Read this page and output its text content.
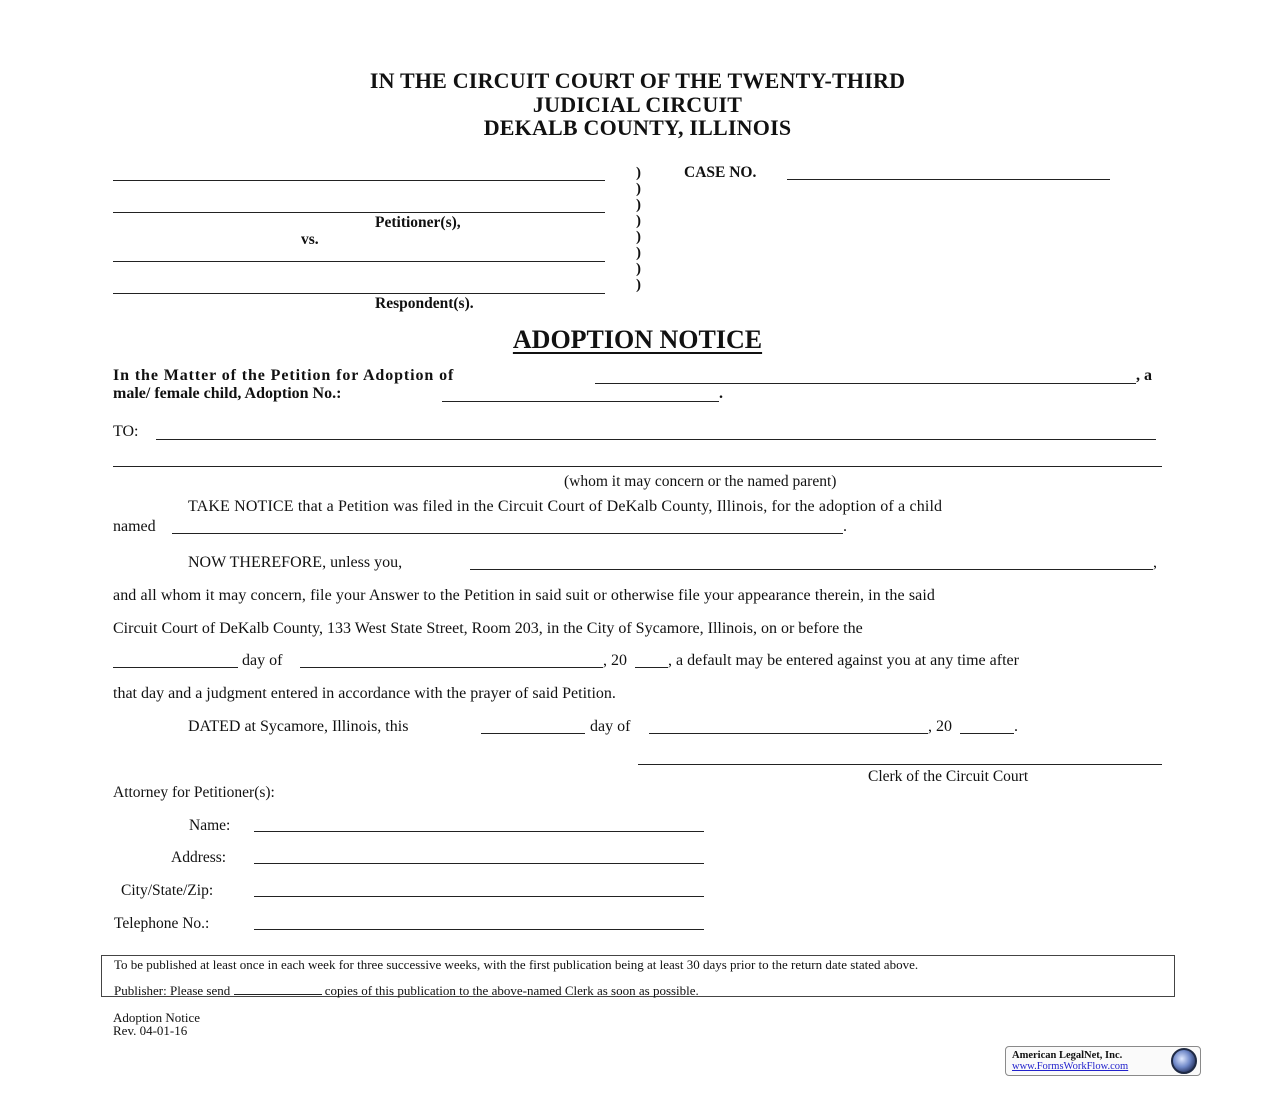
IN THE CIRCUIT COURT OF THE TWENTY-THIRD
JUDICIAL CIRCUIT
DEKALB COUNTY, ILLINOIS
Petitioner(s),
vs.
Respondent(s).
)
)
)
)
)
)
)
)
CASE NO.
ADOPTION NOTICE
In the Matter of the Petition for Adoption of	, a
male/ female child, Adoption No.:	.
TO:
(whom it may concern or the named parent)
TAKE NOTICE that a Petition was filed in the Circuit Court of DeKalb County, Illinois, for the adoption of a child
named	.
NOW THEREFORE, unless you,	,
and all whom it may concern, file your Answer to the Petition in said suit or otherwise file your appearance therein, in the said
Circuit Court of DeKalb County, 133 West State Street, Room 203, in the City of Sycamore, Illinois, on or before the
day of	, 20	, a default may be entered against you at any time after
that day and a judgment entered in accordance with the prayer of said Petition.
DATED at Sycamore, Illinois, this	day of	, 20	.
Clerk of the Circuit Court
Attorney for Petitioner(s):
Name:
Address:
City/State/Zip:
Telephone No.:
To be published at least once in each week for three successive weeks, with the first publication being at least 30 days prior to the return date stated above.
Publisher: Please send	copies of this publication to the above-named Clerk as soon as possible.
Adoption Notice
Rev. 04-01-16
American LegalNet, Inc.
www.FormsWorkFlow.com
